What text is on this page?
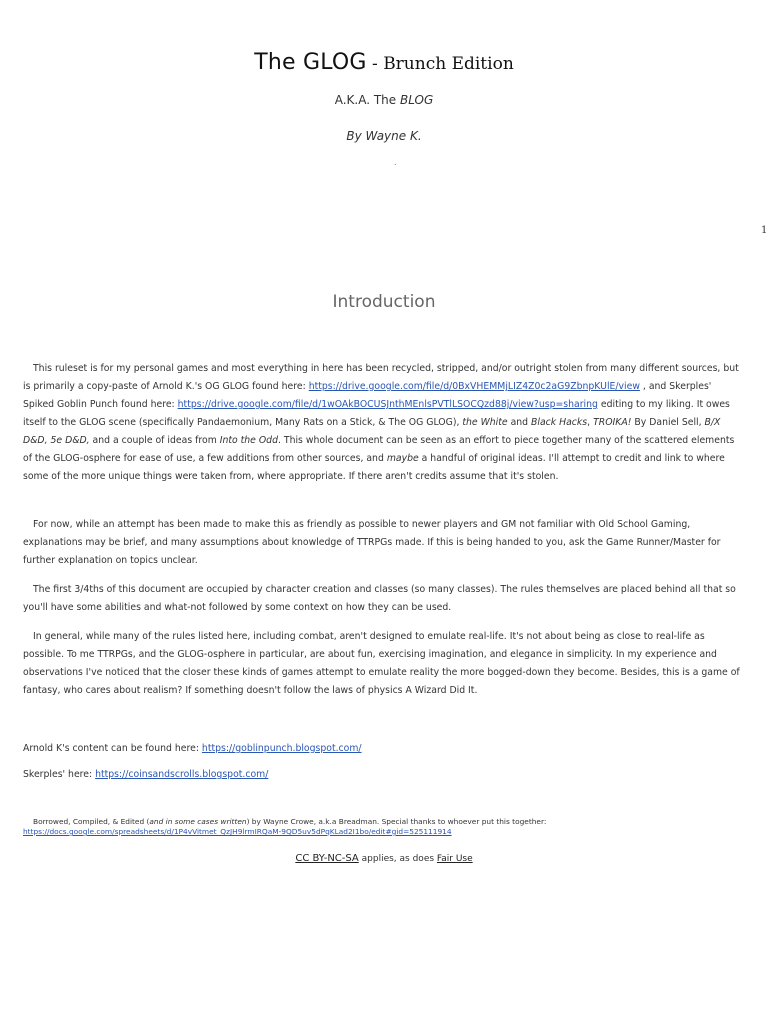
1
The GLOG - Brunch Edition
A.K.A. The BLOG
By Wayne K.
.
Introduction

This ruleset is for my personal games and most everything in here has been recycled, stripped, and/or outright stolen from many different sources, but is primarily a copy-paste of Arnold K.'s OG GLOG found here: https://drive.google.com/file/d/0BxVHEMMjLIZ4Z0c2aG9ZbnpKUlE/view , and Skerples' Spiked Goblin Punch found here: https://drive.google.com/file/d/1wOAkBOCUSJnthMEnlsPVTlLSOCQzd88j/view?usp=sharing editing to my liking. It owes itself to the GLOG scene (specifically Pandaemonium, Many Rats on a Stick, & The OG GLOG), the White and Black Hacks, TROIKA! By Daniel Sell, B/X D&D, 5e D&D, and a couple of ideas from Into the Odd. This whole document can be seen as an effort to piece together many of the scattered elements of the GLOG-osphere for ease of use, a few additions from other sources, and maybe a handful of original ideas. I'll attempt to credit and link to where some of the more unique things were taken from, where appropriate. If there aren't credits assume that it's stolen.

For now, while an attempt has been made to make this as friendly as possible to newer players and GM not familiar with Old School Gaming, explanations may be brief, and many assumptions about knowledge of TTRPGs made. If this is being handed to you, ask the Game Runner/Master for further explanation on topics unclear.

The first 3/4ths of this document are occupied by character creation and classes (so many classes). The rules themselves are placed behind all that so you'll have some abilities and what-not followed by some context on how they can be used.

In general, while many of the rules listed here, including combat, aren't designed to emulate real-life. It's not about being as close to real-life as possible. To me TTRPGs, and the GLOG-osphere in particular, are about fun, exercising imagination, and elegance in simplicity. In my experience and observations I've noticed that the closer these kinds of games attempt to emulate reality the more bogged-down they become. Besides, this is a game of fantasy, who cares about realism? If something doesn't follow the laws of physics A Wizard Did It.

Arnold K's content can be found here: https://goblinpunch.blogspot.com/
Skerples' here: https://coinsandscrolls.blogspot.com/
Borrowed, Compiled, & Edited (and in some cases written) by Wayne Crowe, a.k.a Breadman. Special thanks to whoever put this together:
https://docs.google.com/spreadsheets/d/1P4vVitmet_QzJH9lrmIRQaM-9QD5uv5dPqKLad2I1bo/edit#gid=525111914
CC BY-NC-SA applies, as does Fair Use
